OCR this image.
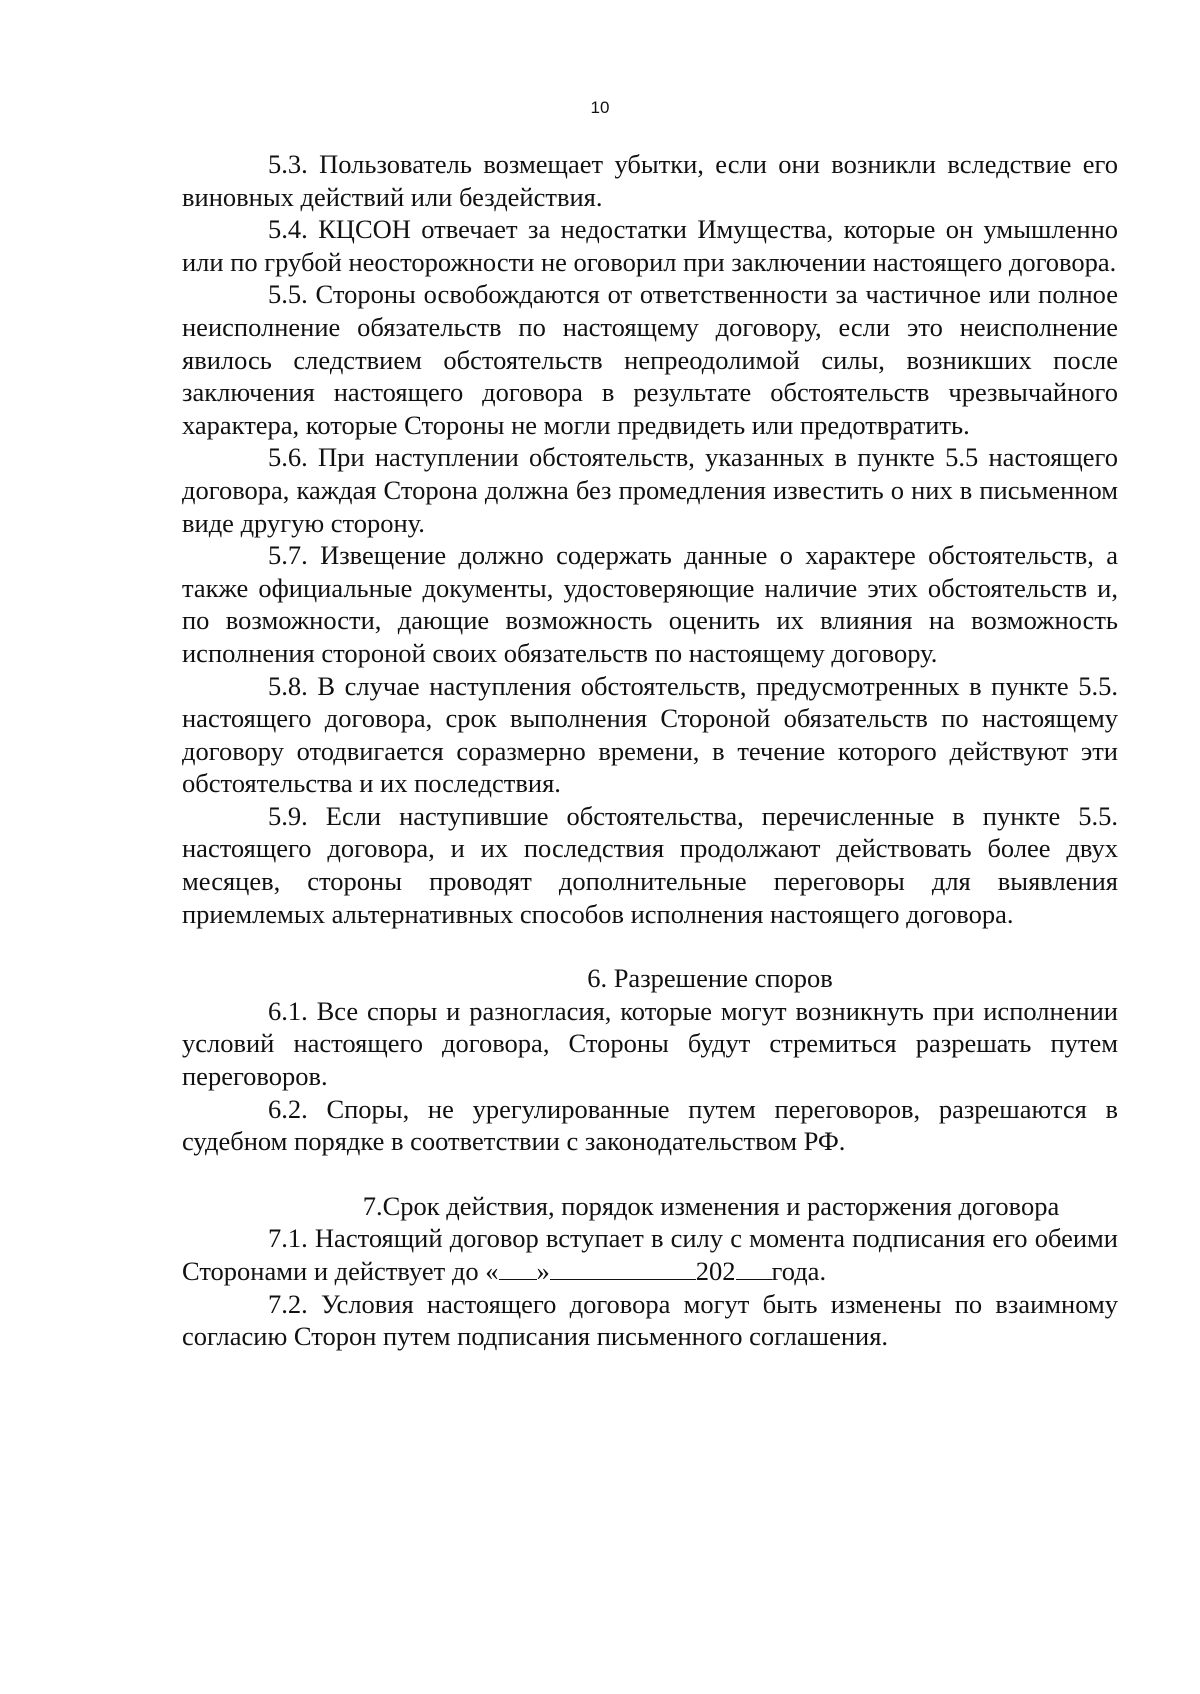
10

5.3. Пользователь возмещает убытки, если они возникли вследствие его виновных действий или бездействия.

5.4. КЦСОН отвечает за недостатки Имущества, которые он умышленно или по грубой неосторожности не оговорил при заключении настоящего договора.

5.5. Стороны освобождаются от ответственности за частичное или полное неисполнение обязательств по настоящему договору, если это неисполнение явилось следствием обстоятельств непреодолимой силы, возникших после заключения настоящего договора в результате обстоятельств чрезвычайного характера, которые Стороны не могли предвидеть или предотвратить.

5.6. При наступлении обстоятельств, указанных в пункте 5.5 настоящего договора, каждая Сторона должна без промедления известить о них в письменном виде другую сторону.

5.7. Извещение должно содержать данные о характере обстоятельств, а также официальные документы, удостоверяющие наличие этих обстоятельств и, по возможности, дающие возможность оценить их влияния на возможность исполнения стороной своих обязательств по настоящему договору.

5.8. В случае наступления обстоятельств, предусмотренных в пункте 5.5. настоящего договора, срок выполнения Стороной обязательств по настоящему договору отодвигается соразмерно времени, в течение которого действуют эти обстоятельства и их последствия.

5.9. Если наступившие обстоятельства, перечисленные в пункте 5.5. настоящего договора, и их последствия продолжают действовать более двух месяцев, стороны проводят дополнительные переговоры для выявления приемлемых альтернативных способов исполнения настоящего договора.

6. Разрешение споров

6.1. Все споры и разногласия, которые могут возникнуть при исполнении условий настоящего договора, Стороны будут стремиться разрешать путем переговоров.

6.2. Споры, не урегулированные путем переговоров, разрешаются в судебном порядке в соответствии с законодательством РФ.

7.Срок действия, порядок изменения и расторжения договора

7.1. Настоящий договор вступает в силу с момента подписания его обеими Сторонами и действует до « »	202 года.

7.2. Условия настоящего договора могут быть изменены по взаимному согласию Сторон путем подписания письменного соглашения.
